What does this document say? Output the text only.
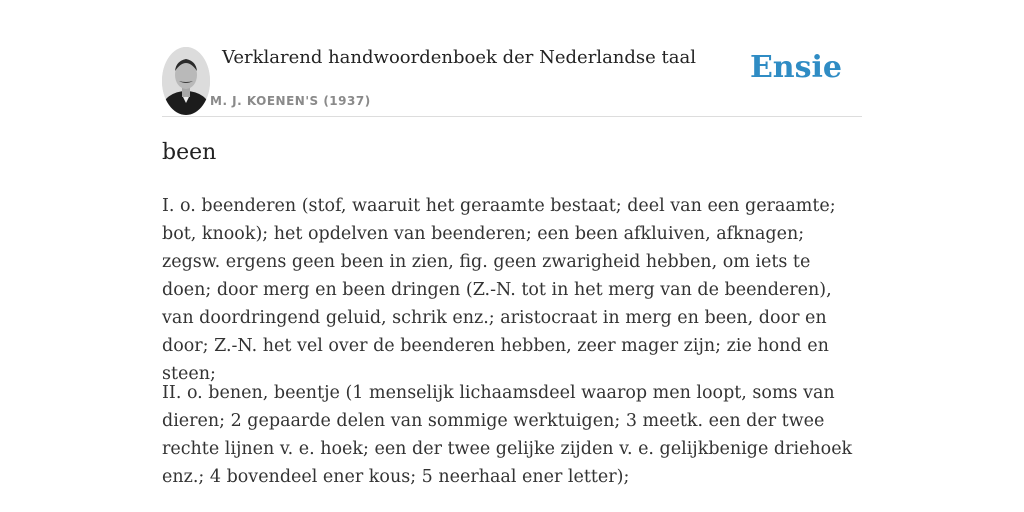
Verklarend handwoordenboek der Nederlandse taal
M. J. KOENEN'S (1937)
Ensie
been

I. o. beenderen (stof, waaruit het geraamte bestaat; deel van een geraamte; bot, knook); het opdelven van beenderen; een been afkluiven, afknagen; zegsw. ergens geen been in zien, fig. geen zwarigheid hebben, om iets te doen; door merg en been dringen (Z.-N. tot in het merg van de beenderen), van doordringend geluid, schrik enz.; aristocraat in merg en been, door en door; Z.-N. het vel over de beenderen hebben, zeer mager zijn; zie hond en steen;

II. o. benen, beentje (1 menselijk lichaamsdeel waarop men loopt, soms van dieren; 2 gepaarde delen van sommige werktuigen; 3 meetk. een der twee rechte lijnen v. e. hoek; een der twee gelijke zijden v. e. gelijkbenige driehoek enz.; 4 bovendeel ener kous; 5 neerhaal ener letter);
